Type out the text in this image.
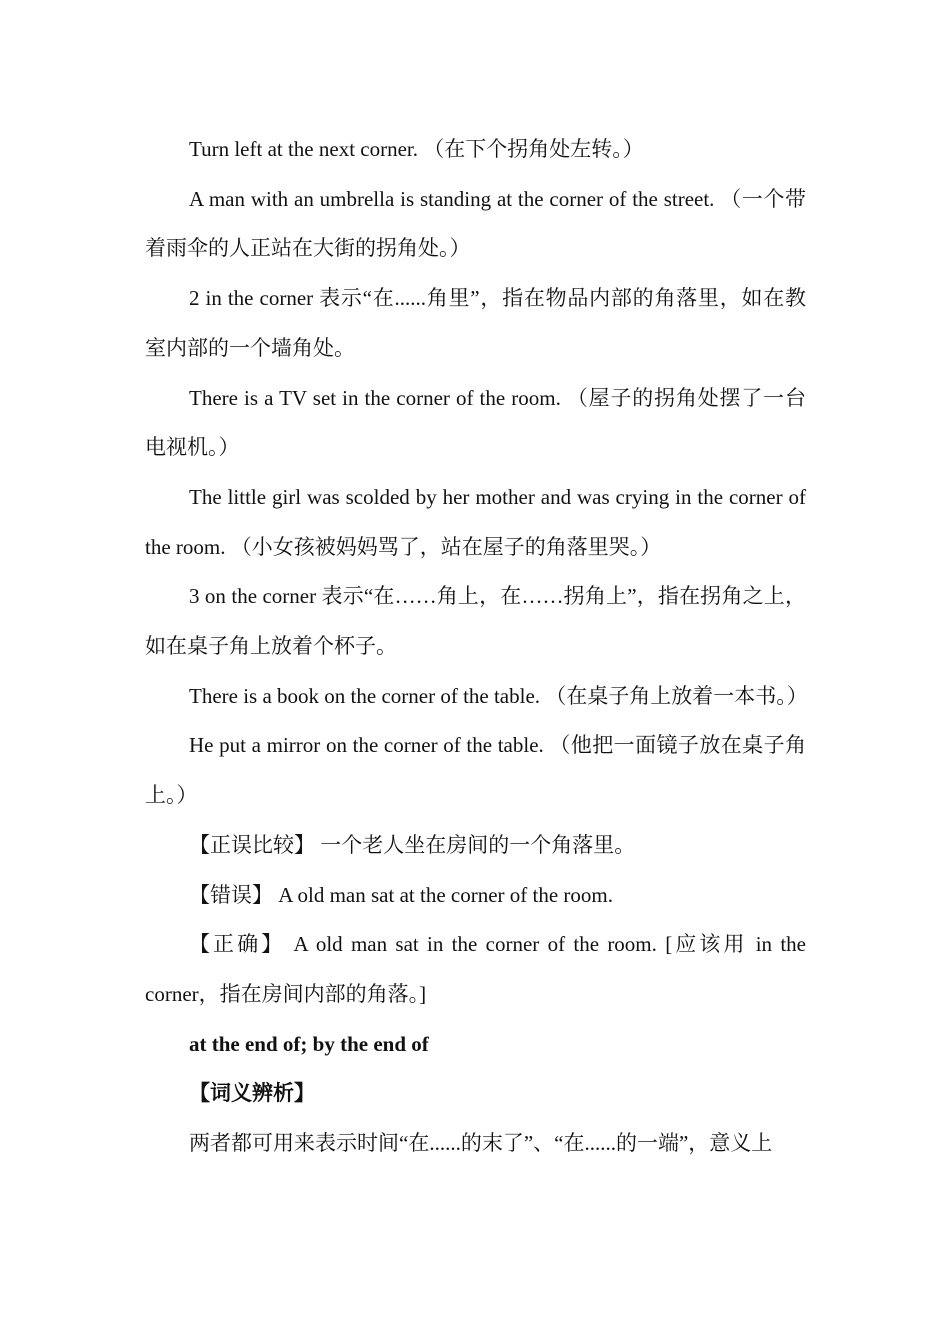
Turn left at the next corner. （在下个拐角处左转。）

A man with an umbrella is standing at the corner of the street. （一个带着雨伞的人正站在大街的拐角处。）

2 in the corner 表示“在......角里”，指在物品内部的角落里，如在教室内部的一个墙角处。

There is a TV set in the corner of the room. （屋子的拐角处摆了一台电视机。）

The little girl was scolded by her mother and was crying in the corner of the room. （小女孩被妈妈骂了，站在屋子的角落里哭。）

3 on the corner 表示“在……角上，在……拐角上”，指在拐角之上，如在桌子角上放着个杯子。

There is a book on the corner of the table. （在桌子角上放着一本书。）

He put a mirror on the corner of the table. （他把一面镜子放在桌子角上。）

【正误比较】 一个老人坐在房间的一个角落里。

【错误】 A old man sat at the corner of the room.

【正确】 A old man sat in the corner of the room. [应该用 in the corner，指在房间内部的角落。]

at the end of; by the end of

【词义辨析】

两者都可用来表示时间“在......的末了”、“在......的一端”，意义上
